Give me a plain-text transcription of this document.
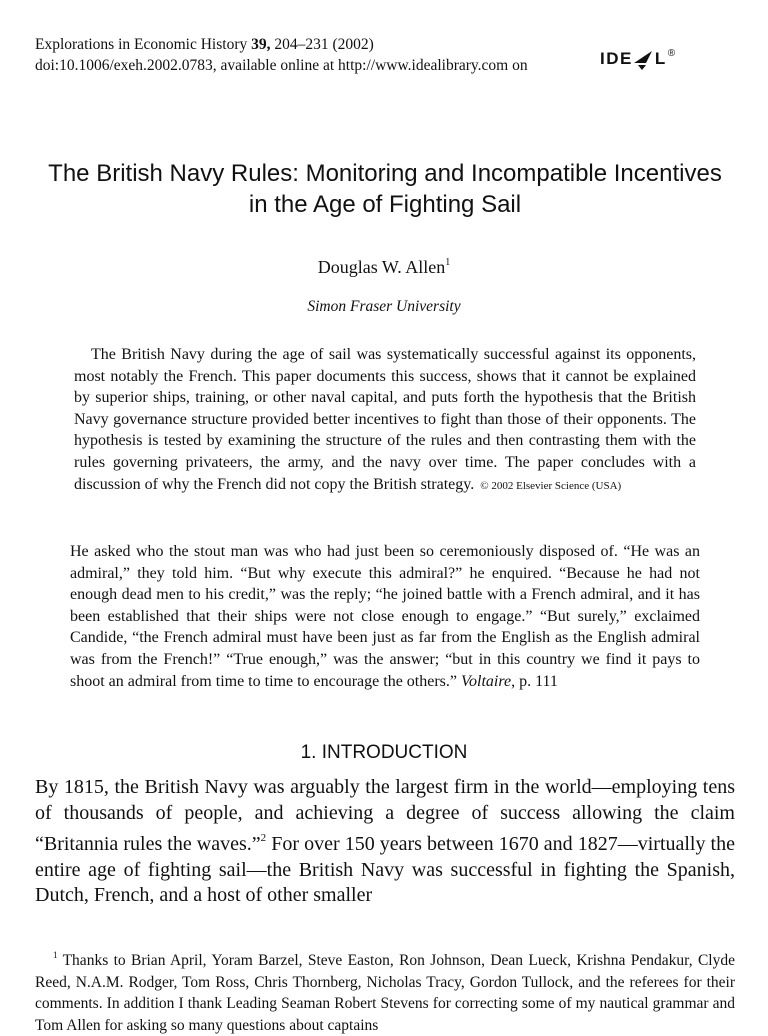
Explorations in Economic History 39, 204–231 (2002)
doi:10.1006/exeh.2002.0783, available online at http://www.idealibrary.com on	IDE L®
The British Navy Rules: Monitoring and Incompatible Incentives in the Age of Fighting Sail
Douglas W. Allen$^1$
Simon Fraser University

The British Navy during the age of sail was systematically successful against its opponents, most notably the French. This paper documents this success, shows that it cannot be explained by superior ships, training, or other naval capital, and puts forth the hypothesis that the British Navy governance structure provided better incentives to fight than those of their opponents. The hypothesis is tested by examining the structure of the rules and then contrasting them with the rules governing privateers, the army, and the navy over time. The paper concludes with a discussion of why the French did not copy the British strategy. © 2002 Elsevier Science (USA)

He asked who the stout man was who had just been so ceremoniously disposed of. “He was an admiral,” they told him. “But why execute this admiral?” he enquired. “Because he had not enough dead men to his credit,” was the reply; “he joined battle with a French admiral, and it has been established that their ships were not close enough to engage.” “But surely,” exclaimed Candide, “the French admiral must have been just as far from the English as the English admiral was from the French!” “True enough,” was the answer; “but in this country we find it pays to shoot an admiral from time to time to encourage the others.” Voltaire, p. 111

1. INTRODUCTION

By 1815, the British Navy was arguably the largest firm in the world—employing tens of thousands of people, and achieving a degree of success allowing the claim “Britannia rules the waves.”$^2$ For over 150 years between 1670 and 1827—virtually the entire age of fighting sail—the British Navy was successful in fighting the Spanish, Dutch, French, and a host of other smaller

$^1$ Thanks to Brian April, Yoram Barzel, Steve Easton, Ron Johnson, Dean Lueck, Krishna Pendakur, Clyde Reed, N.A.M. Rodger, Tom Ross, Chris Thornberg, Nicholas Tracy, Gordon Tullock, and the referees for their comments. In addition I thank Leading Seaman Robert Stevens for correcting some of my nautical grammar and Tom Allen for asking so many questions about captains
